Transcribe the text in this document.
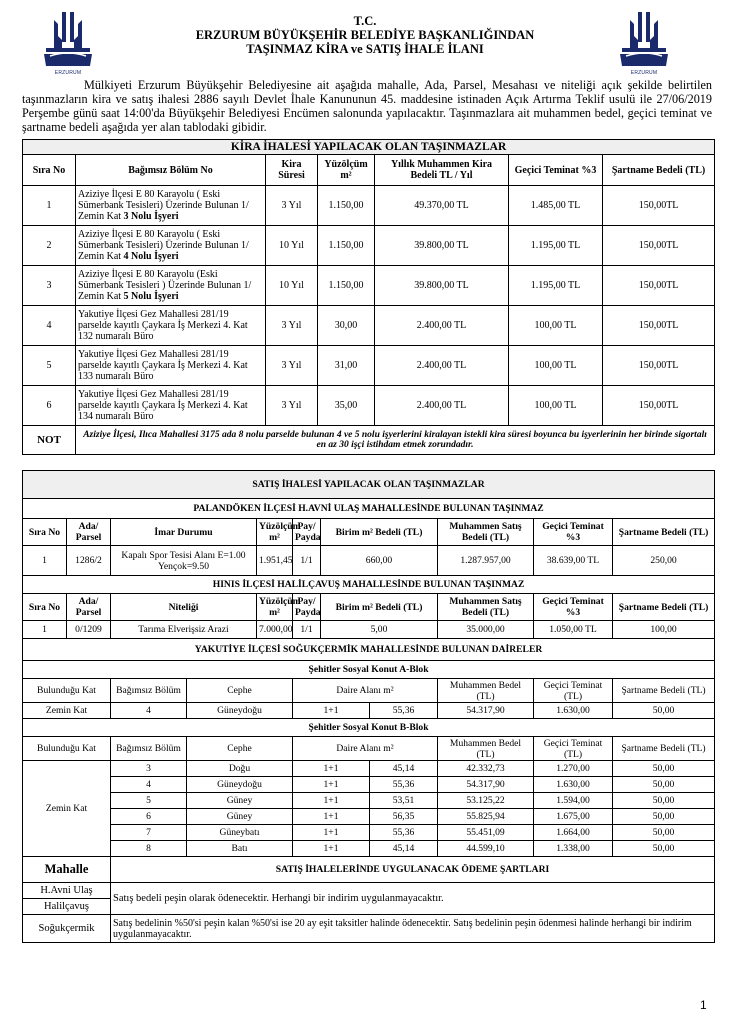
ERZURUM	ERZURUM
T.C.
ERZURUM BÜYÜKŞEHİR BELEDİYE BAŞKANLIĞINDAN
TAŞINMAZ KİRA ve SATIŞ İHALE İLANI
Mülkiyeti Erzurum Büyükşehir Belediyesine ait aşağıda mahalle, Ada, Parsel, Mesahası ve niteliği açık şekilde belirtilen taşınmazların kira ve satış ihalesi 2886 sayılı Devlet İhale Kanununun 45. maddesine istinaden Açık Artırma Teklif usulü ile 27/06/2019 Perşembe günü saat 14:00'da Büyükşehir Belediyesi Encümen salonunda yapılacaktır. Taşınmazlara ait muhammen bedel, geçici teminat ve şartname bedeli aşağıda yer alan tablodaki gibidir.
KİRA İHALESİ YAPILACAK OLAN TAŞINMAZLAR						
Sıra No	Bağımsız Bölüm No	Kira Süresi	Yüzölçüm m²	Yıllık Muhammen Kira Bedeli TL / Yıl	Geçici Teminat %3	Şartname Bedeli (TL)
1	Aziziye İlçesi E 80 Karayolu ( Eski Sümerbank Tesisleri) Üzerinde Bulunan 1/ Zemin Kat 3 Nolu İşyeri	3 Yıl	1.150,00	49.370,00 TL	1.485,00 TL	150,00TL
2	Aziziye İlçesi E 80 Karayolu ( Eski Sümerbank Tesisleri) Üzerinde Bulunan 1/ Zemin Kat 4 Nolu İşyeri	10 Yıl	1.150,00	39.800,00 TL	1.195,00 TL	150,00TL
3	Aziziye İlçesi E 80 Karayolu (Eski Sümerbank Tesisleri ) Üzerinde Bulunan 1/ Zemin Kat 5 Nolu İşyeri	10 Yıl	1.150,00	39.800,00 TL	1.195,00 TL	150,00TL
4	Yakutiye İlçesi Gez Mahallesi 281/19 parselde kayıtlı Çaykara İş Merkezi 4. Kat 132 numaralı Büro	3 Yıl	30,00	2.400,00 TL	100,00 TL	150,00TL
5	Yakutiye İlçesi Gez Mahallesi 281/19 parselde kayıtlı Çaykara İş Merkezi 4. Kat 133 numaralı Büro	3 Yıl	31,00	2.400,00 TL	100,00 TL	150,00TL
6	Yakutiye İlçesi Gez Mahallesi 281/19 parselde kayıtlı Çaykara İş Merkezi 4. Kat 134 numaralı Büro	3 Yıl	35,00	2.400,00 TL	100,00 TL	150,00TL
NOT	Aziziye İlçesi, Ilıca Mahallesi 3175 ada 8 nolu parselde bulunan 4 ve 5 nolu işyerlerini kiralayan istekli kira süresi boyunca bu işyerlerinin her birinde sigortalı en az 30 işçi istihdam etmek zorundadır.					
SATIŞ İHALESİ YAPILACAK OLAN TAŞINMAZLAR										
PALANDÖKEN İLÇESİ H.AVNİ ULAŞ MAHALLESİNDE BULUNAN TAŞINMAZ										
Sıra No	Ada/ Parsel	İmar Durumu		Yüzölçüm m²	Pay/ Payda	Birim m² Bedeli (TL)		Muhammen Satış Bedeli (TL)	Geçici Teminat %3	Şartname Bedeli (TL)
1	1286/2	Kapalı Spor Tesisi Alanı E=1.00 Yençok=9.50		1.951,45	1/1	660,00		1.287.957,00	38.639,00 TL	250,00
HINIS İLÇESİ HALİLÇAVUŞ MAHALLESİNDE BULUNAN TAŞINMAZ										
Sıra No	Ada/ Parsel	Niteliği		Yüzölçüm m²	Pay/ Payda	Birim m² Bedeli (TL)		Muhammen Satış Bedeli (TL)	Geçici Teminat %3	Şartname Bedeli (TL)
1	0/1209	Tarıma Elverişsiz Arazi		7.000,00	1/1	5,00		35.000,00	1.050,00 TL	100,00
YAKUTİYE İLÇESİ SOĞUKÇERMİK MAHALLESİNDE BULUNAN DAİRELER										
Şehitler Sosyal Konut A-Blok										
Bulunduğu Kat		Bağımsız Bölüm	Cephe		Daire Alanı m²			Muhammen Bedel (TL)	Geçici Teminat (TL)	Şartname Bedeli (TL)
Zemin Kat		4	Güneydoğu		1+1		55,36	54.317,90	1.630,00	50,00
Şehitler Sosyal Konut B-Blok										
Bulunduğu Kat		Bağımsız Bölüm	Cephe		Daire Alanı m²			Muhammen Bedel (TL)	Geçici Teminat (TL)	Şartname Bedeli (TL)
Zemin Kat		3	Doğu		1+1		45,14	42.332,73	1.270,00	50,00
		4	Güneydoğu		1+1		55,36	54.317,90	1.630,00	50,00
		5	Güney		1+1		53,51	53.125,22	1.594,00	50,00
		6	Güney		1+1		56,35	55.825,94	1.675,00	50,00
		7	Güneybatı		1+1		55,36	55.451,09	1.664,00	50,00
		8	Batı		1+1		45,14	44.599,10	1.338,00	50,00
Mahalle		SATIŞ İHALELERİNDE UYGULANACAK ÖDEME ŞARTLARI								
H.Avni Ulaş		Satış bedeli peşin olarak ödenecektir. Herhangi bir indirim uygulanmayacaktır.								
Halilçavuş										
Soğukçermik		Satış bedelinin %50'si peşin kalan %50'si ise 20 ay eşit taksitler halinde ödenecektir. Satış bedelinin peşin ödenmesi halinde herhangi bir indirim uygulanmayacaktır.								
1
